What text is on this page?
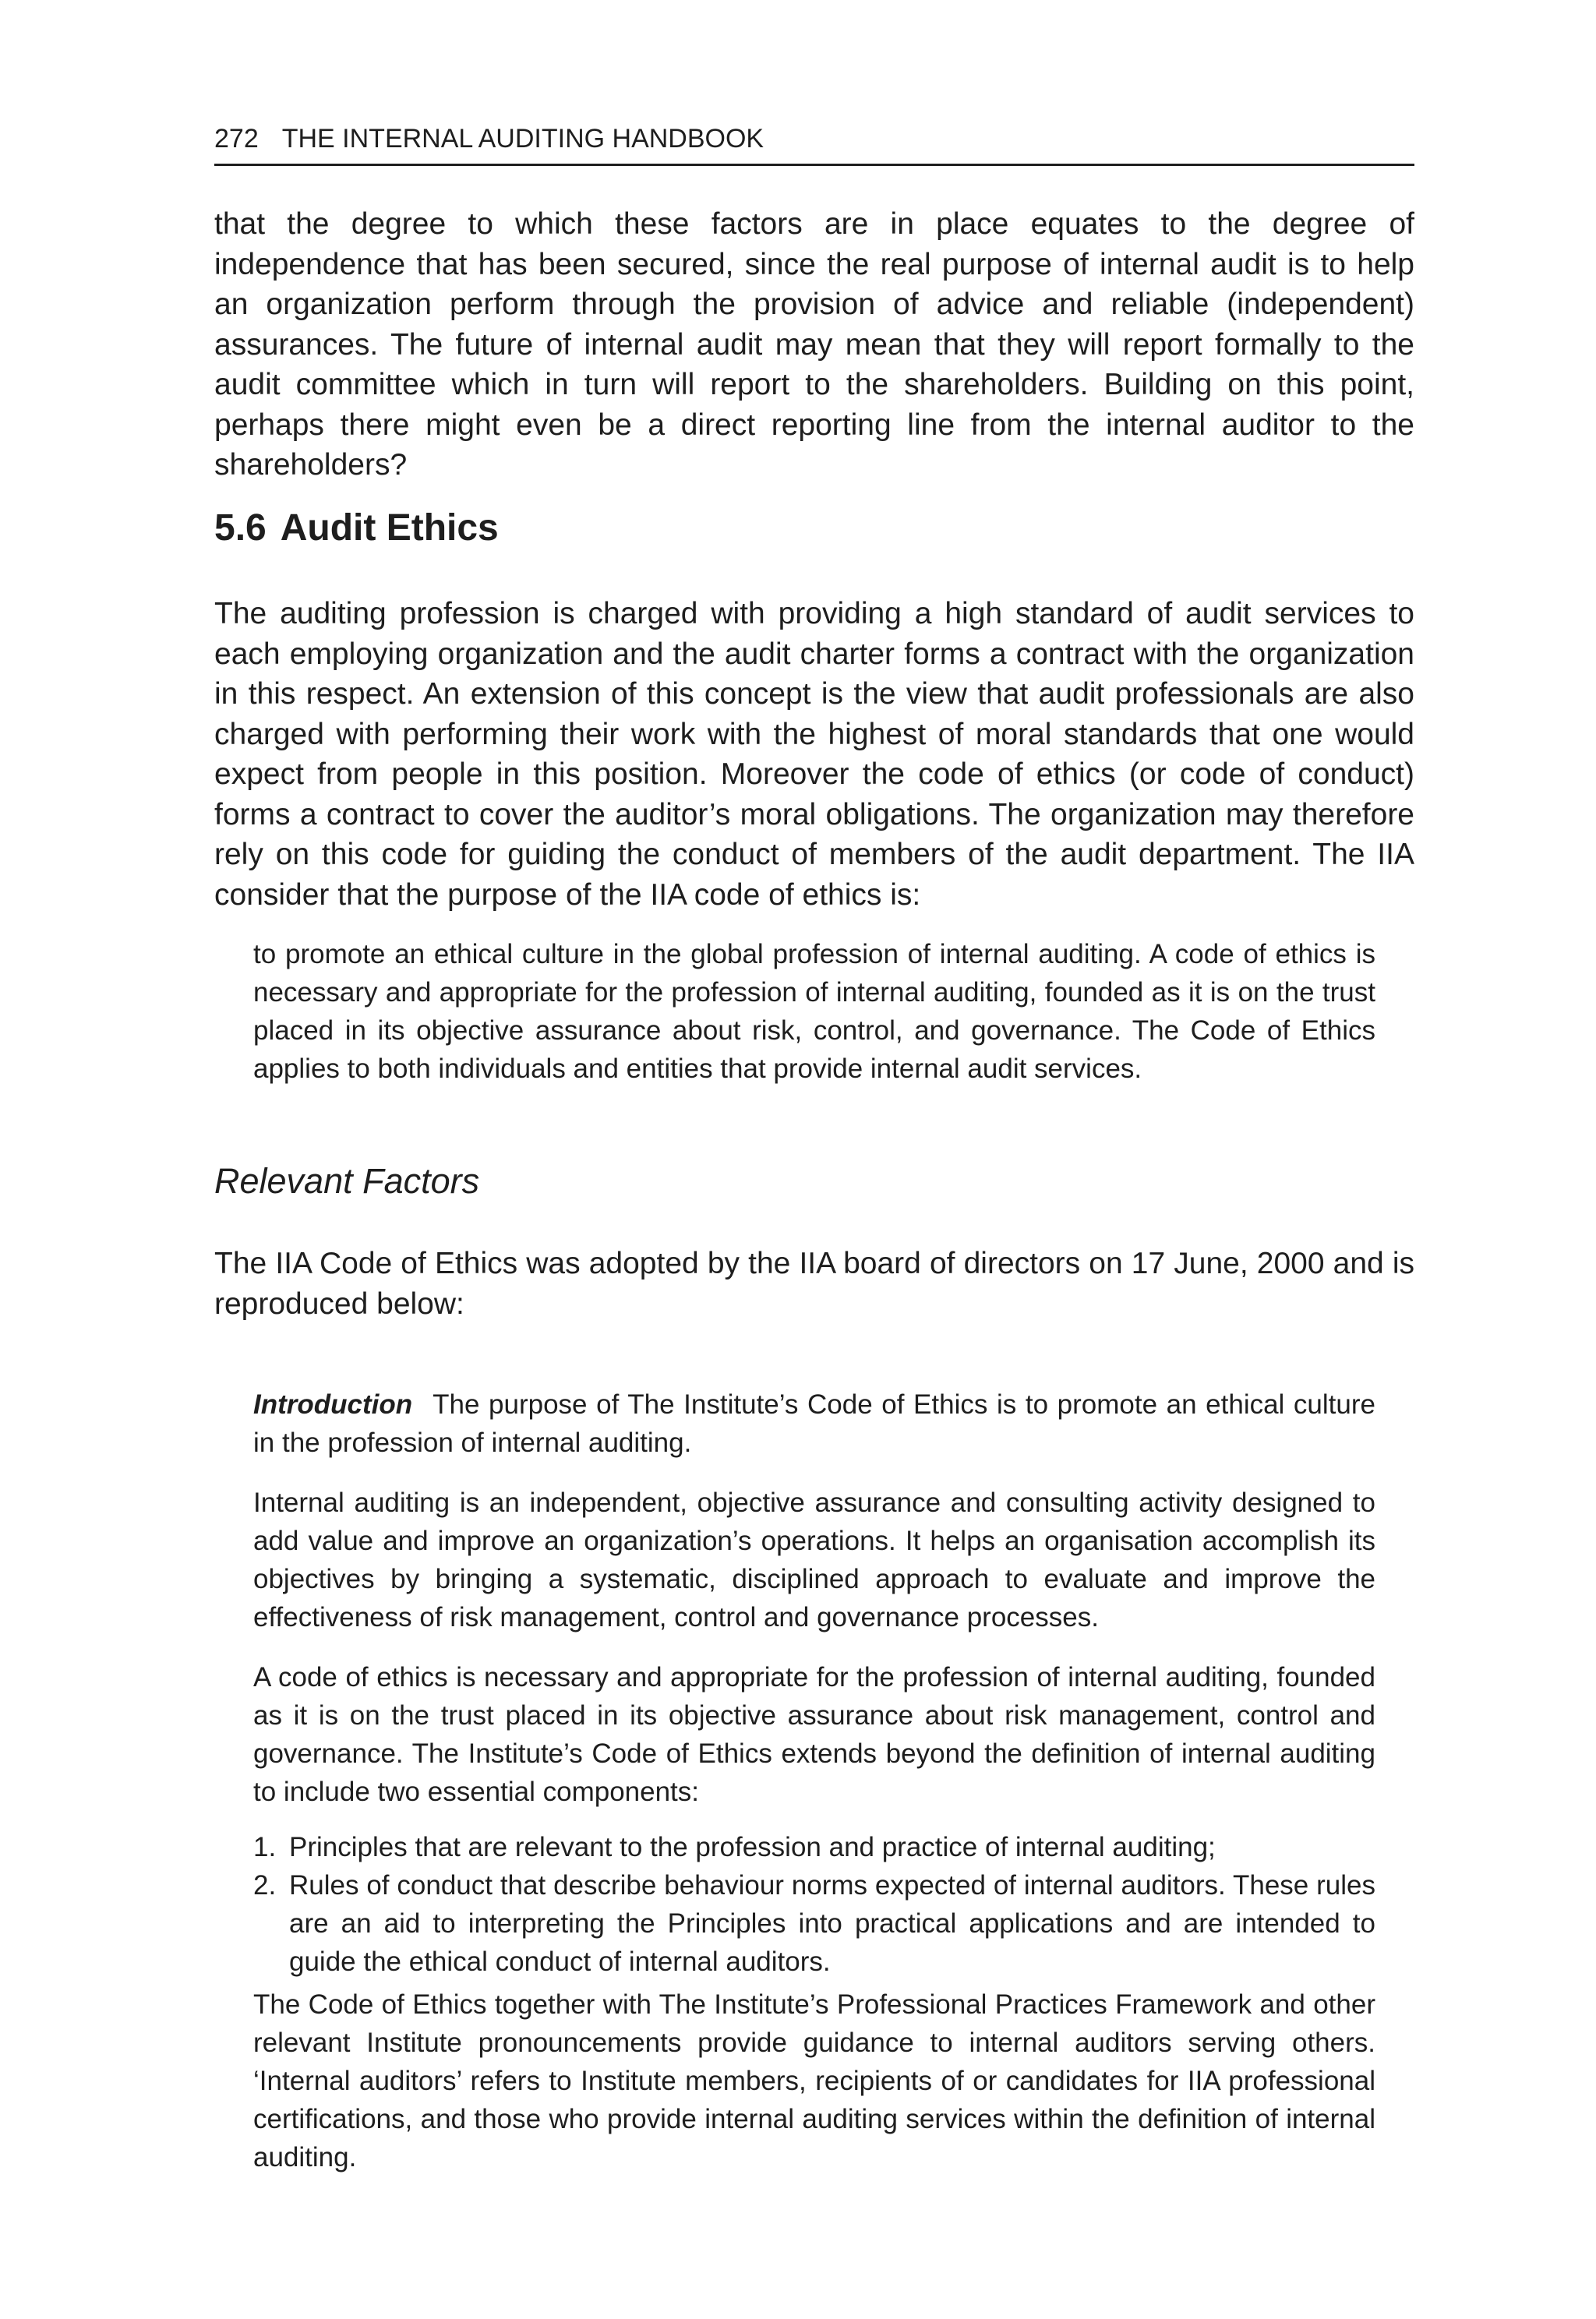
272 THE INTERNAL AUDITING HANDBOOK

that the degree to which these factors are in place equates to the degree of independence that has been secured, since the real purpose of internal audit is to help an organization perform through the provision of advice and reliable (independent) assurances. The future of internal audit may mean that they will report formally to the audit committee which in turn will report to the shareholders. Building on this point, perhaps there might even be a direct reporting line from the internal auditor to the shareholders?

5.6 Audit Ethics

The auditing profession is charged with providing a high standard of audit services to each employing organization and the audit charter forms a contract with the organization in this respect. An extension of this concept is the view that audit professionals are also charged with performing their work with the highest of moral standards that one would expect from people in this position. Moreover the code of ethics (or code of conduct) forms a contract to cover the auditor’s moral obligations. The organization may therefore rely on this code for guiding the conduct of members of the audit department. The IIA consider that the purpose of the IIA code of ethics is:

to promote an ethical culture in the global profession of internal auditing. A code of ethics is necessary and appropriate for the profession of internal auditing, founded as it is on the trust placed in its objective assurance about risk, control, and governance. The Code of Ethics applies to both individuals and entities that provide internal audit services.

Relevant Factors

The IIA Code of Ethics was adopted by the IIA board of directors on 17 June, 2000 and is reproduced below:

Introduction The purpose of The Institute’s Code of Ethics is to promote an ethical culture in the profession of internal auditing.

Internal auditing is an independent, objective assurance and consulting activity designed to add value and improve an organization’s operations. It helps an organisation accomplish its objectives by bringing a systematic, disciplined approach to evaluate and improve the effectiveness of risk management, control and governance processes.

A code of ethics is necessary and appropriate for the profession of internal auditing, founded as it is on the trust placed in its objective assurance about risk management, control and governance. The Institute’s Code of Ethics extends beyond the definition of internal auditing to include two essential components:

1. Principles that are relevant to the profession and practice of internal auditing;
2. Rules of conduct that describe behaviour norms expected of internal auditors. These rules are an aid to interpreting the Principles into practical applications and are intended to guide the ethical conduct of internal auditors.

The Code of Ethics together with The Institute’s Professional Practices Framework and other relevant Institute pronouncements provide guidance to internal auditors serving others. ‘Internal auditors’ refers to Institute members, recipients of or candidates for IIA professional certifications, and those who provide internal auditing services within the definition of internal auditing.
